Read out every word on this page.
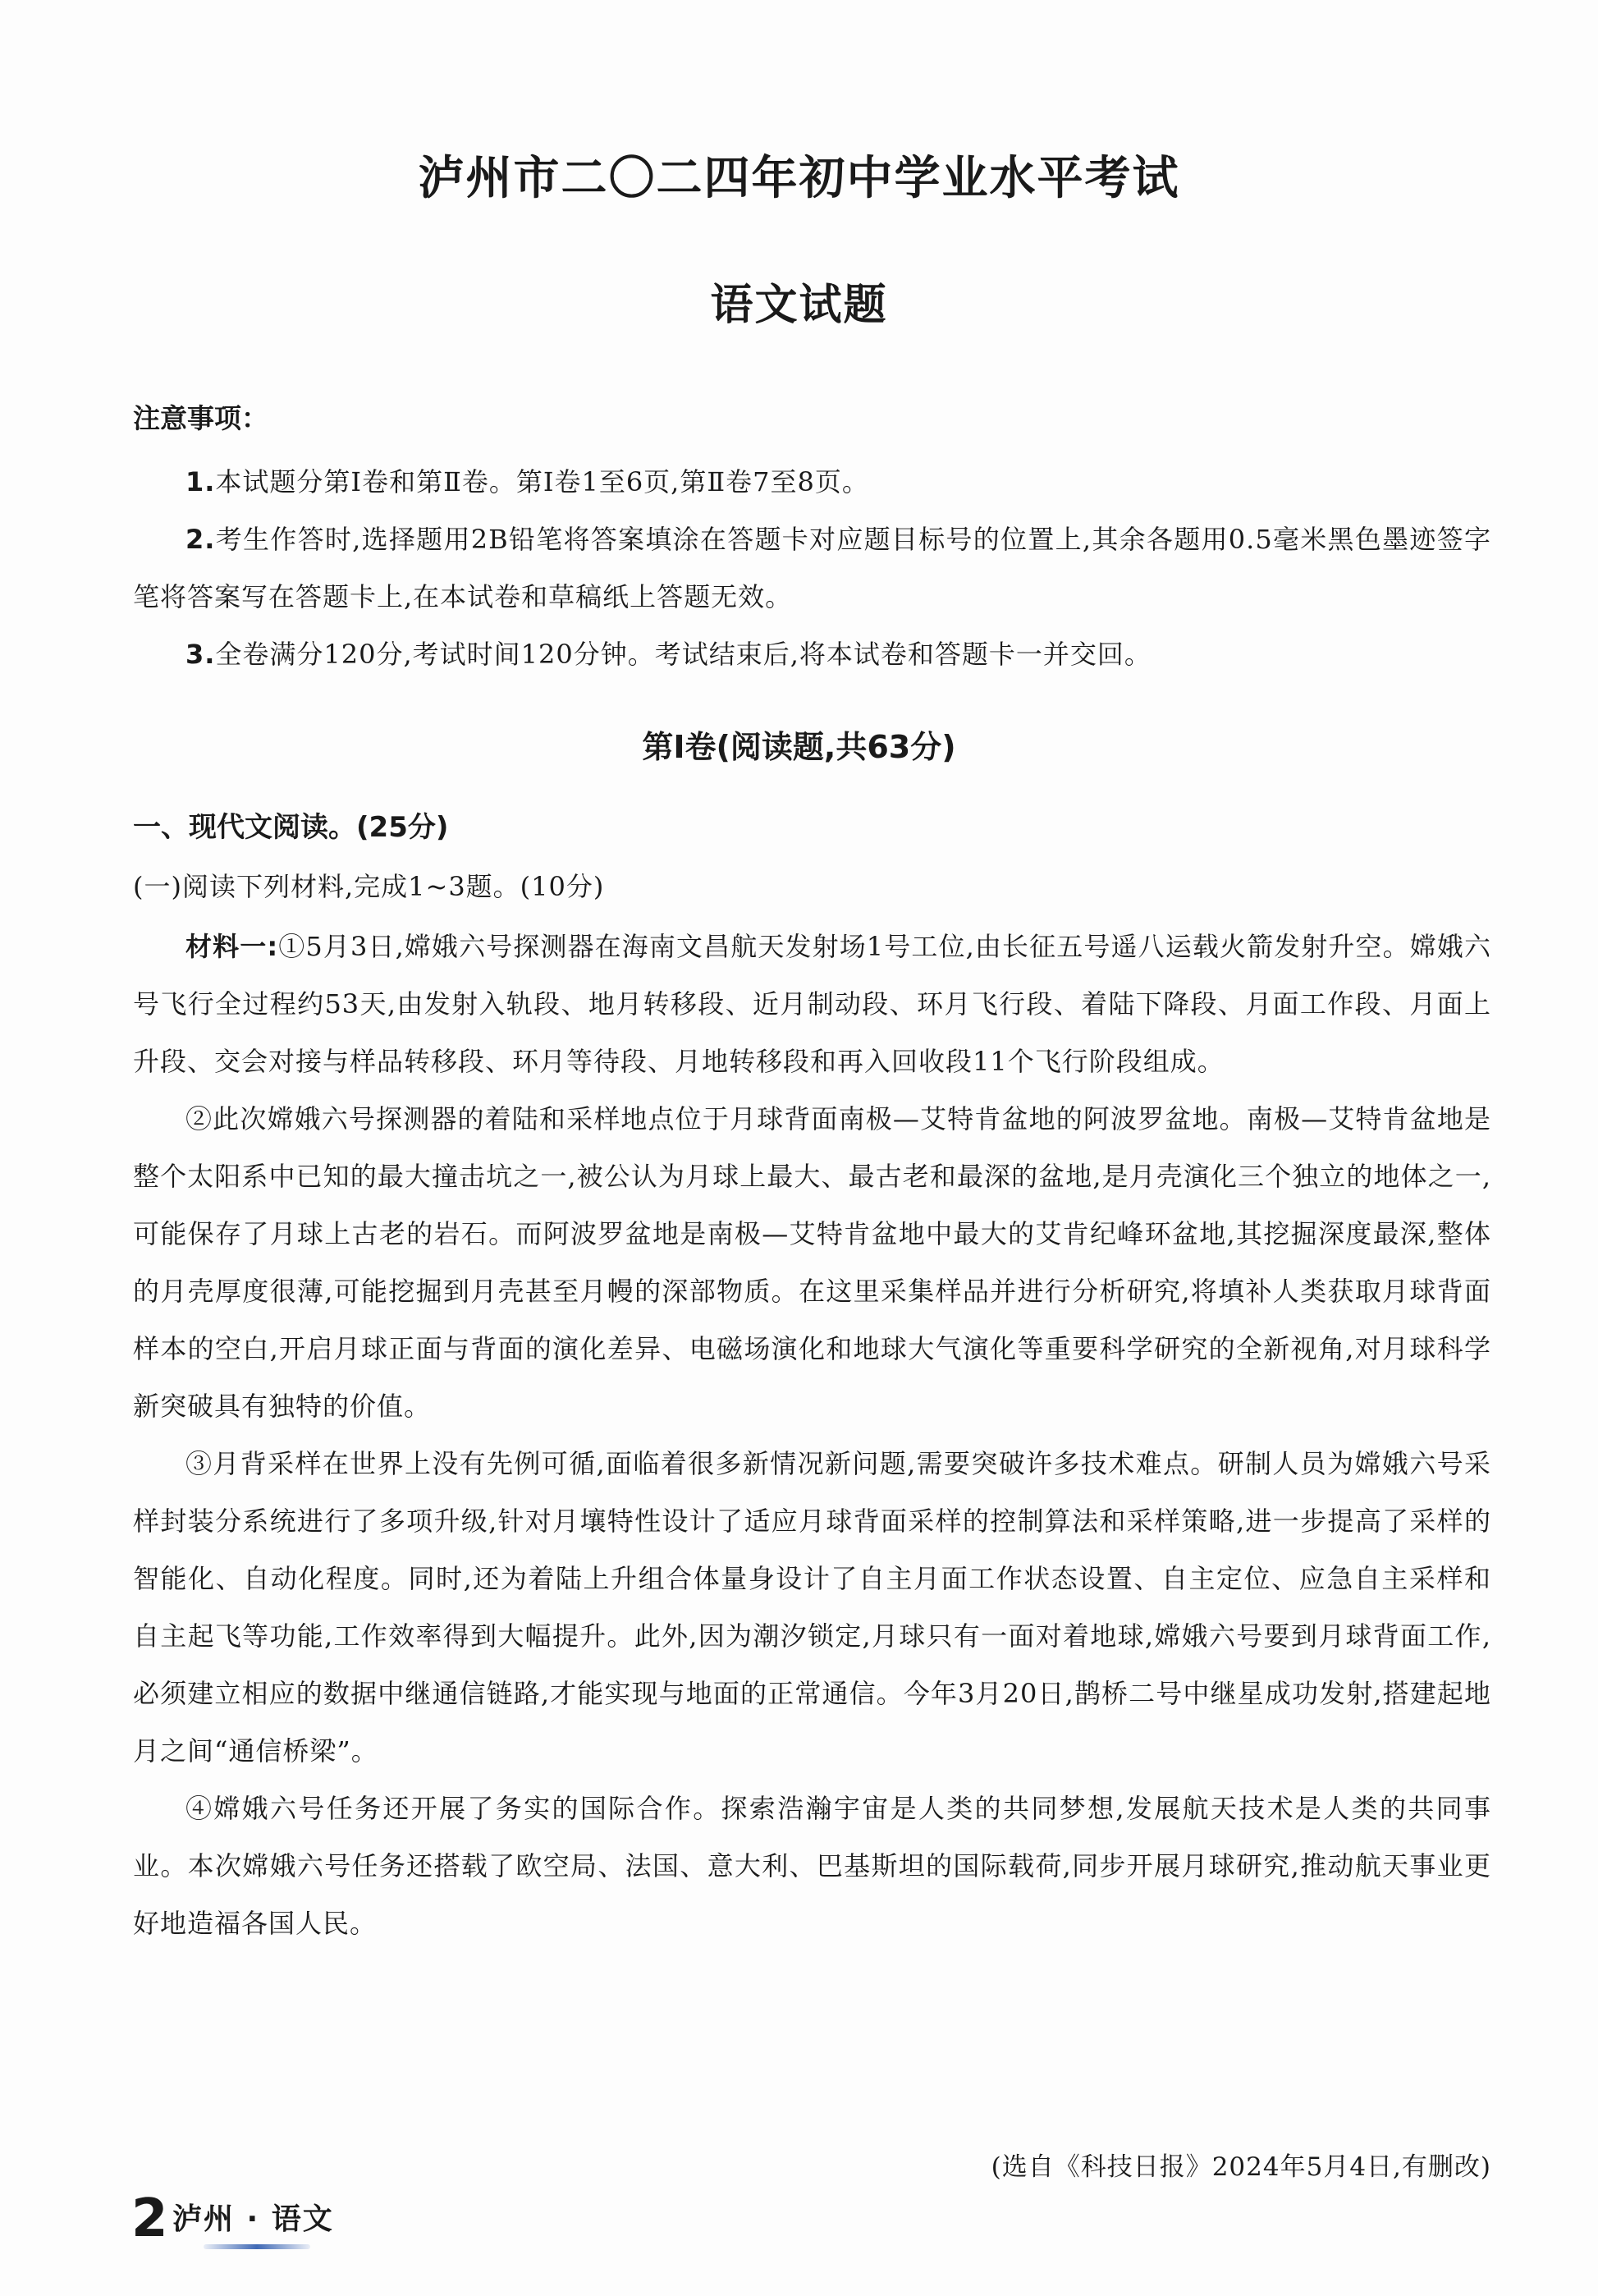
泸州市二〇二四年初中学业水平考试
语文试题
注意事项：

1.本试题分第Ⅰ卷和第Ⅱ卷。第Ⅰ卷1至6页,第Ⅱ卷7至8页。

2.考生作答时,选择题用2B铅笔将答案填涂在答题卡对应题目标号的位置上,其余各题用0.5毫米黑色墨迹签字笔将答案写在答题卡上,在本试卷和草稿纸上答题无效。

3.全卷满分120分,考试时间120分钟。考试结束后,将本试卷和答题卡一并交回。

第Ⅰ卷(阅读题,共63分)
一、现代文阅读。(25分)
(一)阅读下列材料,完成1~3题。(10分)

材料一:①5月3日,嫦娥六号探测器在海南文昌航天发射场1号工位,由长征五号遥八运载火箭发射升空。嫦娥六号飞行全过程约53天,由发射入轨段、地月转移段、近月制动段、环月飞行段、着陆下降段、月面工作段、月面上升段、交会对接与样品转移段、环月等待段、月地转移段和再入回收段11个飞行阶段组成。

②此次嫦娥六号探测器的着陆和采样地点位于月球背面南极—艾特肯盆地的阿波罗盆地。南极—艾特肯盆地是整个太阳系中已知的最大撞击坑之一,被公认为月球上最大、最古老和最深的盆地,是月壳演化三个独立的地体之一,可能保存了月球上古老的岩石。而阿波罗盆地是南极—艾特肯盆地中最大的艾肯纪峰环盆地,其挖掘深度最深,整体的月壳厚度很薄,可能挖掘到月壳甚至月幔的深部物质。在这里采集样品并进行分析研究,将填补人类获取月球背面样本的空白,开启月球正面与背面的演化差异、电磁场演化和地球大气演化等重要科学研究的全新视角,对月球科学新突破具有独特的价值。

③月背采样在世界上没有先例可循,面临着很多新情况新问题,需要突破许多技术难点。研制人员为嫦娥六号采样封装分系统进行了多项升级,针对月壤特性设计了适应月球背面采样的控制算法和采样策略,进一步提高了采样的智能化、自动化程度。同时,还为着陆上升组合体量身设计了自主月面工作状态设置、自主定位、应急自主采样和自主起飞等功能,工作效率得到大幅提升。此外,因为潮汐锁定,月球只有一面对着地球,嫦娥六号要到月球背面工作,必须建立相应的数据中继通信链路,才能实现与地面的正常通信。今年3月20日,鹊桥二号中继星成功发射,搭建起地月之间“通信桥梁”。

④嫦娥六号任务还开展了务实的国际合作。探索浩瀚宇宙是人类的共同梦想,发展航天技术是人类的共同事业。本次嫦娥六号任务还搭载了欧空局、法国、意大利、巴基斯坦的国际载荷,同步开展月球研究,推动航天事业更好地造福各国人民。

(选自《科技日报》2024年5月4日,有删改)
2 泸州 · 语文
